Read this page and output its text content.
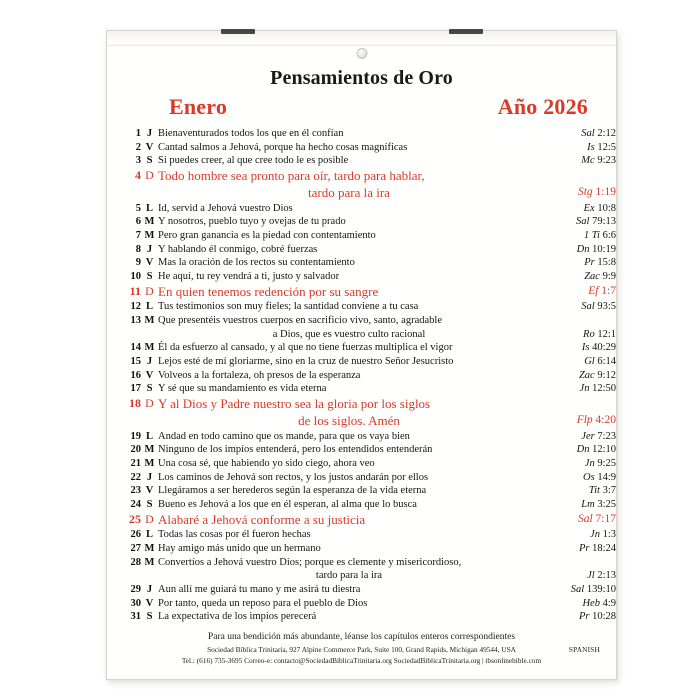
Pensamientos de Oro
Enero	Año 2026
1	J	Bienaventurados todos los que en él confían	Sal 2:12
2	V	Cantad salmos a Jehová, porque ha hecho cosas magníficas	Is 12:5
3	S	Si puedes creer, al que cree todo le es posible	Mc 9:23
4	D	Todo hombre sea pronto para oír, tardo para hablar,	

		tardo para la ira	Stg 1:19
5	L	Id, servid a Jehová vuestro Dios	Ex 10:8
6	M	Y nosotros, pueblo tuyo y ovejas de tu prado	Sal 79:13
7	M	Pero gran ganancia es la piedad con contentamiento	1 Ti 6:6
8	J	Y hablando él conmigo, cobré fuerzas	Dn 10:19
9	V	Mas la oración de los rectos su contentamiento	Pr 15:8
10	S	He aquí, tu rey vendrá a ti, justo y salvador	Zac 9:9
11	D	En quien tenemos redención por su sangre	Ef 1:7
12	L	Tus testimonios son muy fieles; la santidad conviene a tu casa	Sal 93:5
13	M	Que presentéis vuestros cuerpos en sacrificio vivo, santo, agradable	

		a Dios, que es vuestro culto racional	Ro 12:1
14	M	Él da esfuerzo al cansado, y al que no tiene fuerzas multiplica el vigor	Is 40:29
15	J	Lejos esté de mí gloriarme, sino en la cruz de nuestro Señor Jesucristo	Gl 6:14
16	V	Volveos a la fortaleza, oh presos de la esperanza	Zac 9:12
17	S	Y sé que su mandamiento es vida eterna	Jn 12:50
18	D	Y al Dios y Padre nuestro sea la gloria por los siglos	

		de los siglos. Amén	Flp 4:20
19	L	Andad en todo camino que os mande, para que os vaya bien	Jer 7:23
20	M	Ninguno de los impíos entenderá, pero los entendidos entenderán	Dn 12:10
21	M	Una cosa sé, que habiendo yo sido ciego, ahora veo	Jn 9:25
22	J	Los caminos de Jehová son rectos, y los justos andarán por ellos	Os 14:9
23	V	Llegáramos a ser herederos según la esperanza de la vida eterna	Tit 3:7
24	S	Bueno es Jehová a los que en él esperan, al alma que lo busca	Lm 3:25
25	D	Alabaré a Jehová conforme a su justicia	Sal 7:17
26	L	Todas las cosas por él fueron hechas	Jn 1:3
27	M	Hay amigo más unido que un hermano	Pr 18:24
28	M	Convertíos a Jehová vuestro Dios; porque es clemente y misericordioso,	

		tardo para la ira	Jl 2:13
29	J	Aun allí me guiará tu mano y me asirá tu diestra	Sal 139:10
30	V	Por tanto, queda un reposo para el pueblo de Dios	Heb 4:9
31	S	La expectativa de los impíos perecerá	Pr 10:28
Para una bendición más abundante, léanse los capítulos enteros correspondientes
Sociedad Bíblica Trinitaria, 927 Alpine Commerce Park, Suite 100, Grand Rapids, Michigan 49544, USA	SPANISH
Tel.: (616) 735-3695 Correo-e: contacto@SociedadBiblicaTrinitaria.org SociedadBiblicaTrinitaria.org | tbsonlinebible.com
